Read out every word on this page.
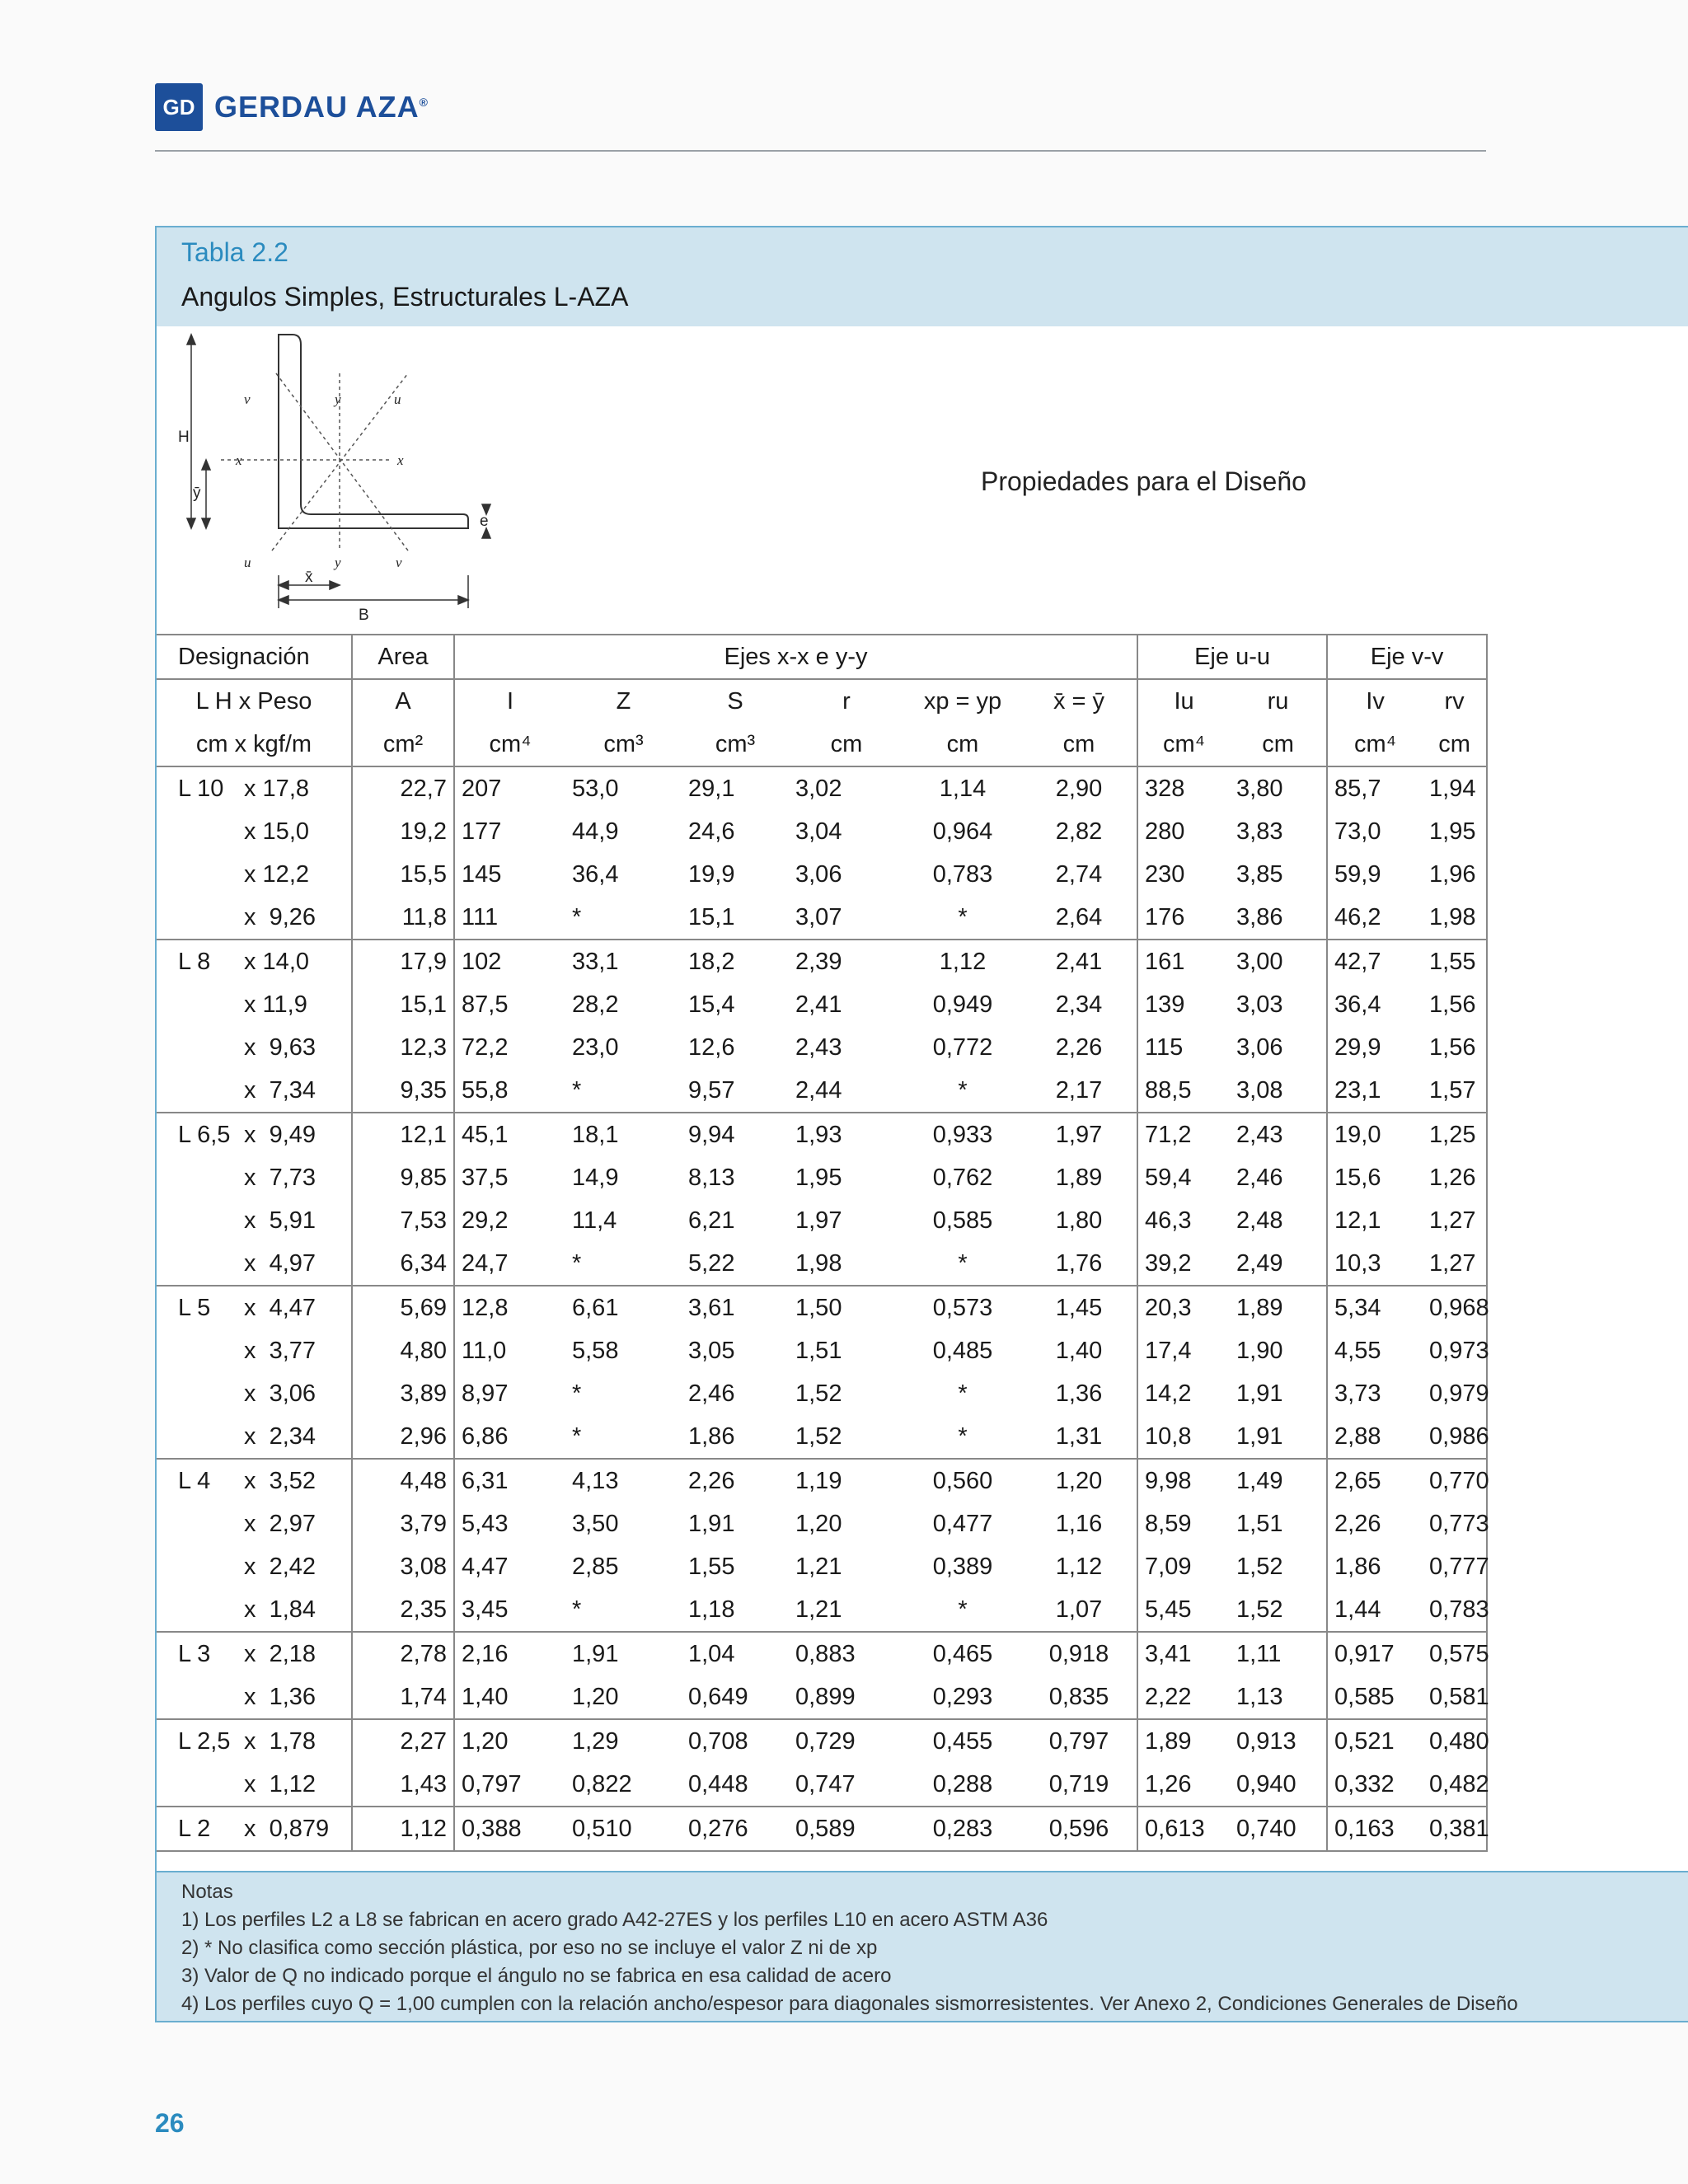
GD GERDAU AZA®
Tabla 2.2
Angulos Simples, Estructurales L-AZA
v	y	u
x	x
u	y	v
H
ȳ
e
x̄
B
Propiedades para el Diseño
Designación	Area	Ejes x-x e y-y						Eje u-u		Eje v-v	
L H x Peso	A	I	Z	S	r	xp = yp	x̄ = ȳ	Iu	ru	Iv	rv
cm x kgf/m	cm²	cm⁴	cm³	cm³	cm	cm	cm	cm⁴	cm	cm⁴	cm
L 10 x 17,8	22,7	207	53,0	29,1	3,02	1,14	2,90	328	3,80	85,7	1,94
x 15,0	19,2	177	44,9	24,6	3,04	0,964	2,82	280	3,83	73,0	1,95
x 12,2	15,5	145	36,4	19,9	3,06	0,783	2,74	230	3,85	59,9	1,96
x  9,26	11,8	111	*	15,1	3,07	*	2,64	176	3,86	46,2	1,98
L 8 x 14,0	17,9	102	33,1	18,2	2,39	1,12	2,41	161	3,00	42,7	1,55
x 11,9	15,1	87,5	28,2	15,4	2,41	0,949	2,34	139	3,03	36,4	1,56
x  9,63	12,3	72,2	23,0	12,6	2,43	0,772	2,26	115	3,06	29,9	1,56
x  7,34	9,35	55,8	*	9,57	2,44	*	2,17	88,5	3,08	23,1	1,57
L 6,5 x  9,49	12,1	45,1	18,1	9,94	1,93	0,933	1,97	71,2	2,43	19,0	1,25
x  7,73	9,85	37,5	14,9	8,13	1,95	0,762	1,89	59,4	2,46	15,6	1,26
x  5,91	7,53	29,2	11,4	6,21	1,97	0,585	1,80	46,3	2,48	12,1	1,27
x  4,97	6,34	24,7	*	5,22	1,98	*	1,76	39,2	2,49	10,3	1,27
L 5 x  4,47	5,69	12,8	6,61	3,61	1,50	0,573	1,45	20,3	1,89	5,34	0,968
x  3,77	4,80	11,0	5,58	3,05	1,51	0,485	1,40	17,4	1,90	4,55	0,973
x  3,06	3,89	8,97	*	2,46	1,52	*	1,36	14,2	1,91	3,73	0,979
x  2,34	2,96	6,86	*	1,86	1,52	*	1,31	10,8	1,91	2,88	0,986
L 4 x  3,52	4,48	6,31	4,13	2,26	1,19	0,560	1,20	9,98	1,49	2,65	0,770
x  2,97	3,79	5,43	3,50	1,91	1,20	0,477	1,16	8,59	1,51	2,26	0,773
x  2,42	3,08	4,47	2,85	1,55	1,21	0,389	1,12	7,09	1,52	1,86	0,777
x  1,84	2,35	3,45	*	1,18	1,21	*	1,07	5,45	1,52	1,44	0,783
L 3 x  2,18	2,78	2,16	1,91	1,04	0,883	0,465	0,918	3,41	1,11	0,917	0,575
x  1,36	1,74	1,40	1,20	0,649	0,899	0,293	0,835	2,22	1,13	0,585	0,581
L 2,5 x  1,78	2,27	1,20	1,29	0,708	0,729	0,455	0,797	1,89	0,913	0,521	0,480
x  1,12	1,43	0,797	0,822	0,448	0,747	0,288	0,719	1,26	0,940	0,332	0,482
L 2 x  0,879	1,12	0,388	0,510	0,276	0,589	0,283	0,596	0,613	0,740	0,163	0,381
Notas
1) Los perfiles L2 a L8 se fabrican en acero grado A42-27ES y los perfiles L10 en acero ASTM A36
2) * No clasifica como sección plástica, por eso no se incluye el valor Z ni de xp
3) Valor de Q no indicado porque el ángulo no se fabrica en esa calidad de acero
4) Los perfiles cuyo Q = 1,00 cumplen con la relación ancho/espesor para diagonales sismorresistentes. Ver Anexo 2, Condiciones Generales de Diseño
26
